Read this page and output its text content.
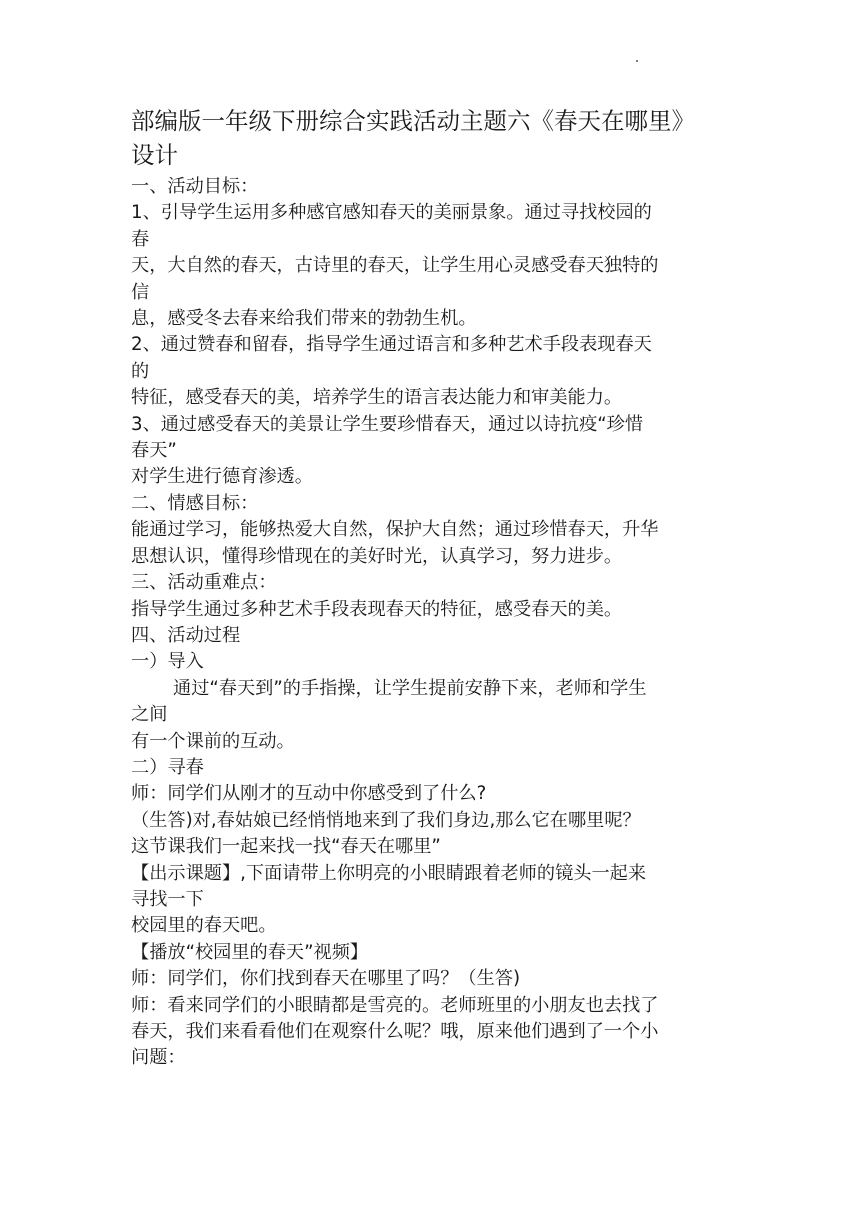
部编版一年级下册综合实践活动主题六《春天在哪里》
设计

一、活动目标：

1、引导学生运用多种感官感知春天的美丽景象。通过寻找校园的

春

天，大自然的春天，古诗里的春天，让学生用心灵感受春天独特的

信

息，感受冬去春来给我们带来的勃勃生机。

2、通过赞春和留春，指导学生通过语言和多种艺术手段表现春天

的

特征，感受春天的美，培养学生的语言表达能力和审美能力。

3、通过感受春天的美景让学生要珍惜春天，通过以诗抗疫“珍惜

春天”

对学生进行德育渗透。

二、情感目标：

能通过学习，能够热爱大自然，保护大自然；通过珍惜春天，升华

思想认识，懂得珍惜现在的美好时光，认真学习，努力进步。

三、活动重难点：

指导学生通过多种艺术手段表现春天的特征，感受春天的美。

四、活动过程

一）导入

通过“春天到”的手指操，让学生提前安静下来，老师和学生

之间

有一个课前的互动。

二）寻春

师：同学们从刚才的互动中你感受到了什么?

（生答)对,春姑娘已经悄悄地来到了我们身边,那么它在哪里呢？

这节课我们一起来找一找“春天在哪里”

【出示课题】,下面请带上你明亮的小眼睛跟着老师的镜头一起来

寻找一下

校园里的春天吧。

【播放“校园里的春天”视频】

师：同学们，你们找到春天在哪里了吗？（生答)

师：看来同学们的小眼睛都是雪亮的。老师班里的小朋友也去找了

春天，我们来看看他们在观察什么呢？哦，原来他们遇到了一个小

问题：
